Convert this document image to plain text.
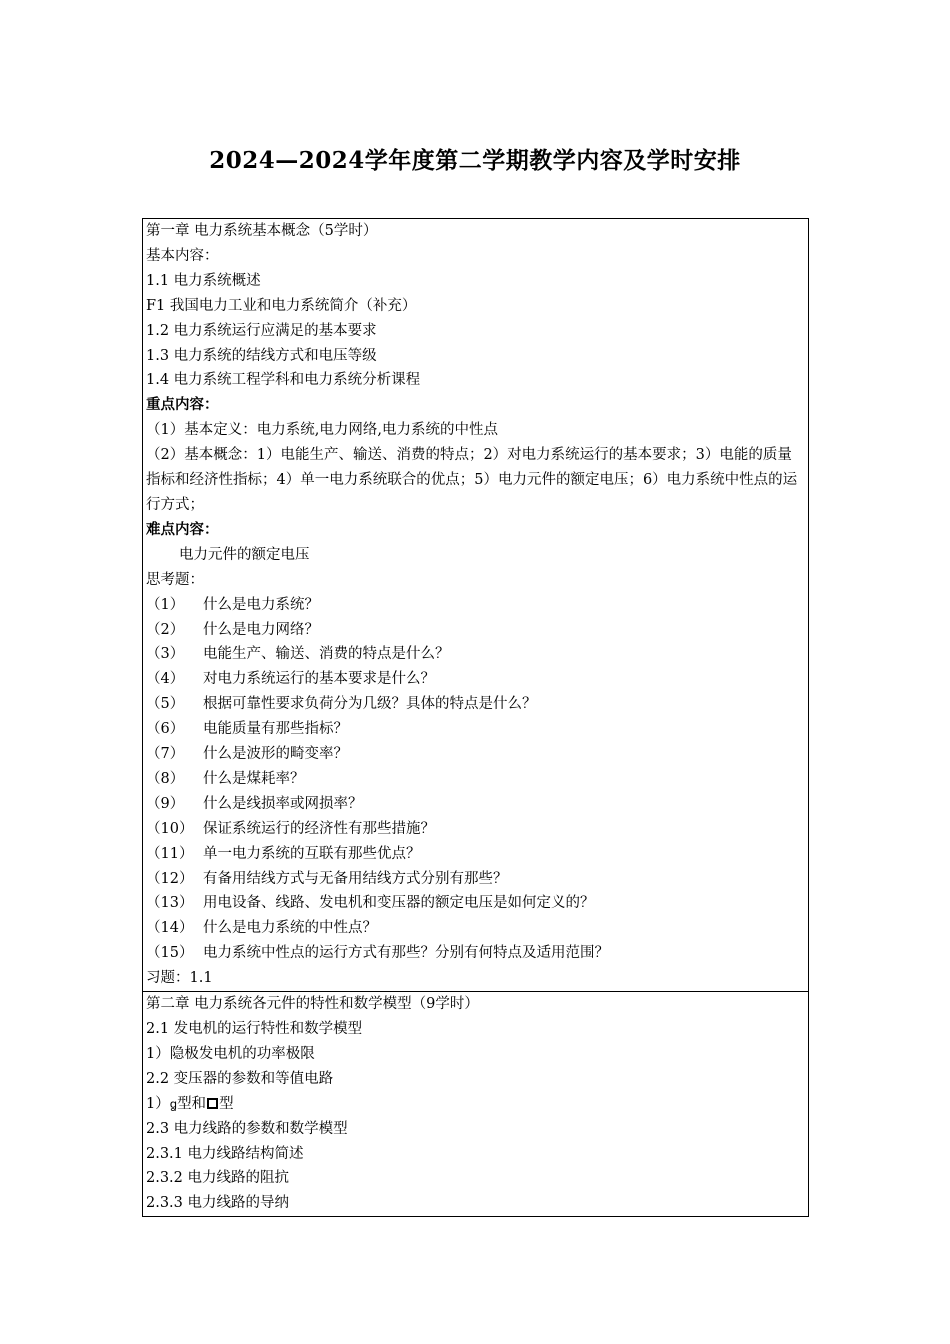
2024—2024学年度第二学期教学内容及学时安排
第一章 电力系统基本概念（5学时）
基本内容：
1.1 电力系统概述
F1 我国电力工业和电力系统简介（补充）
1.2 电力系统运行应满足的基本要求
1.3 电力系统的结线方式和电压等级
1.4 电力系统工程学科和电力系统分析课程
重点内容：
（1）基本定义：电力系统,电力网络,电力系统的中性点
（2）基本概念：1）电能生产、输送、消费的特点；2）对电力系统运行的基本要求；3）电能的质量指标和经济性指标；4）单一电力系统联合的优点；5）电力元件的额定电压；6）电力系统中性点的运行方式；
难点内容：
电力元件的额定电压
思考题：
（1） 什么是电力系统？
（2） 什么是电力网络？
（3） 电能生产、输送、消费的特点是什么？
（4） 对电力系统运行的基本要求是什么？
（5） 根据可靠性要求负荷分为几级？具体的特点是什么？
（6） 电能质量有那些指标？
（7） 什么是波形的畸变率？
（8） 什么是煤耗率？
（9） 什么是线损率或网损率？
（10） 保证系统运行的经济性有那些措施？
（11） 单一电力系统的互联有那些优点？
（12） 有备用结线方式与无备用结线方式分别有那些？
（13） 用电设备、线路、发电机和变压器的额定电压是如何定义的？
（14） 什么是电力系统的中性点？
（15） 电力系统中性点的运行方式有那些？分别有何特点及适用范围？
习题：1.1

第二章 电力系统各元件的特性和数学模型（9学时）
2.1 发电机的运行特性和数学模型
1）隐极发电机的功率极限
2.2 变压器的参数和等值电路
1）ꬶ型和 型
2.3 电力线路的参数和数学模型
2.3.1 电力线路结构简述
2.3.2 电力线路的阻抗
2.3.3 电力线路的导纳
